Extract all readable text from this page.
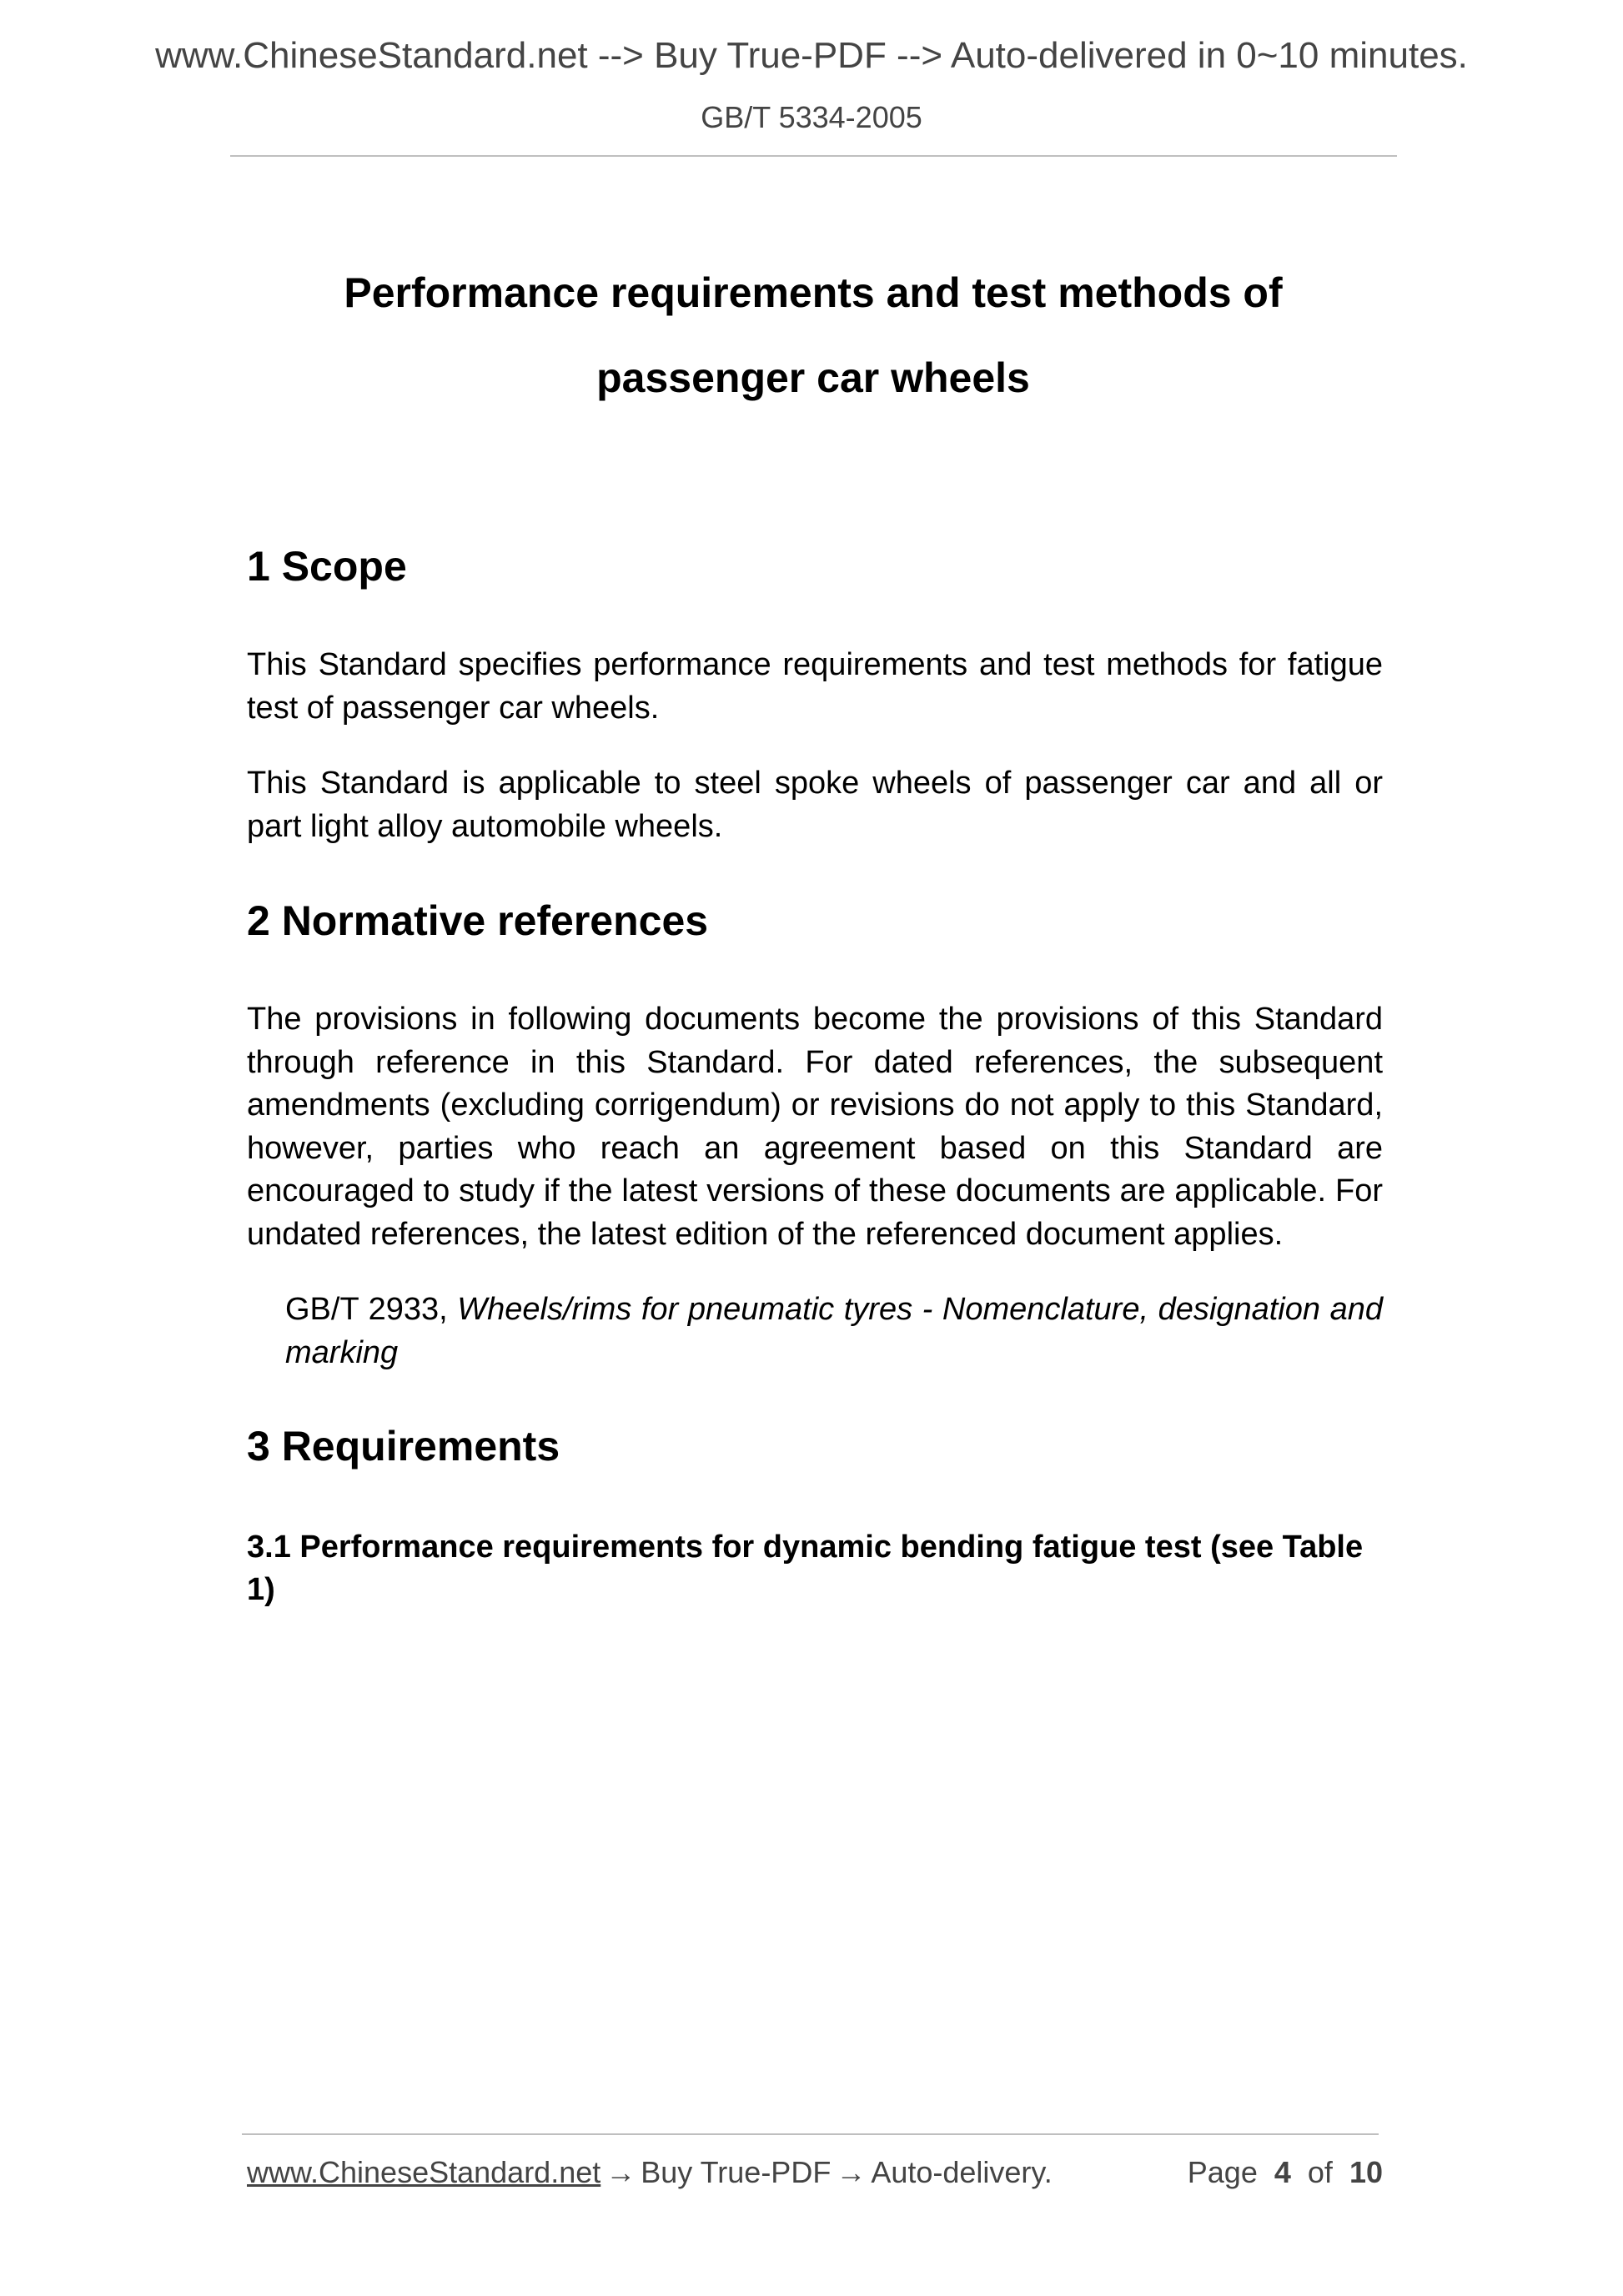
www.ChineseStandard.net --> Buy True-PDF --> Auto-delivered in 0~10 minutes.
GB/T 5334-2005
Performance requirements and test methods of
passenger car wheels
1 Scope

This Standard specifies performance requirements and test methods for fatigue test of passenger car wheels.

This Standard is applicable to steel spoke wheels of passenger car and all or part light alloy automobile wheels.

2 Normative references

The provisions in following documents become the provisions of this Standard through reference in this Standard. For dated references, the subsequent amendments (excluding corrigendum) or revisions do not apply to this Standard, however, parties who reach an agreement based on this Standard are encouraged to study if the latest versions of these documents are applicable. For undated references, the latest edition of the referenced document applies.

GB/T 2933, Wheels/rims for pneumatic tyres - Nomenclature, designation and marking

3 Requirements
3.1 Performance requirements for dynamic bending fatigue test (see Table 1)
www.ChineseStandard.net → Buy True-PDF → Auto-delivery.	Page 4 of 10
